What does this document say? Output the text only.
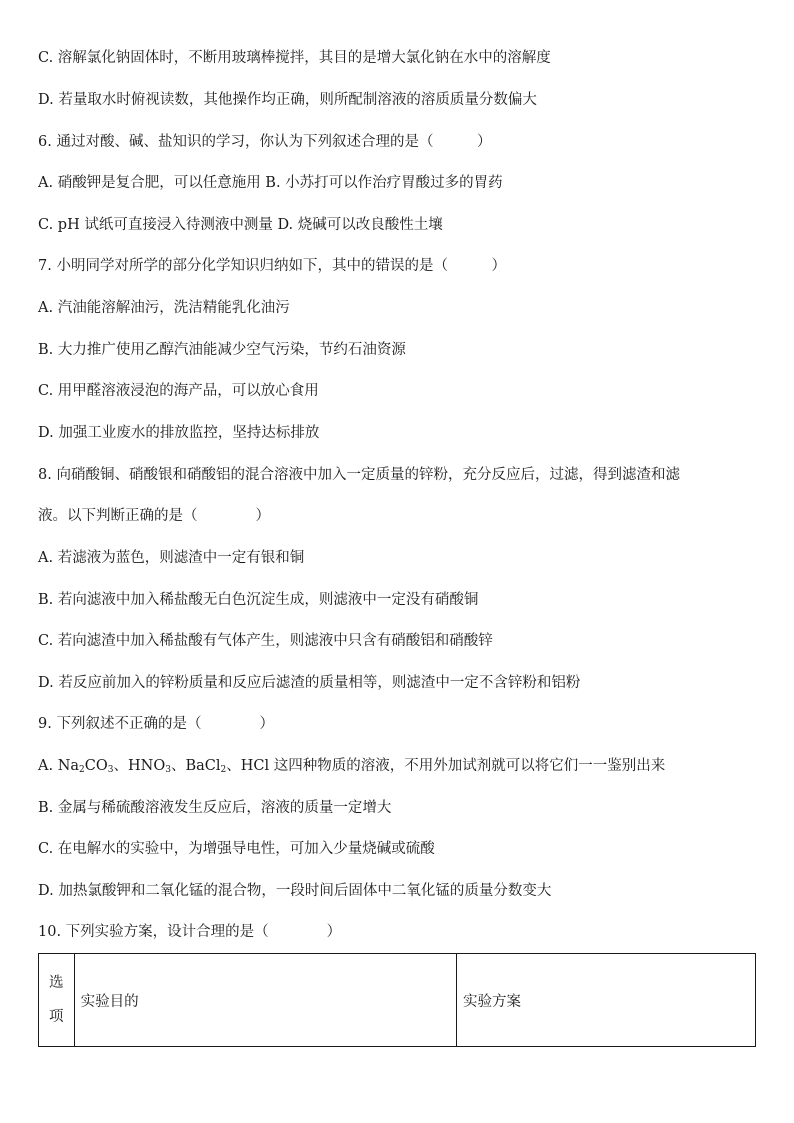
C. 溶解氯化钠固体时，不断用玻璃棒搅拌，其目的是增大氯化钠在水中的溶解度
D. 若量取水时俯视读数，其他操作均正确，则所配制溶液的溶质质量分数偏大
6. 通过对酸、碱、盐知识的学习，你认为下列叙述合理的是（　　　）
A. 硝酸钾是复合肥，可以任意施用 B. 小苏打可以作治疗胃酸过多的胃药
C. pH 试纸可直接浸入待测液中测量 D. 烧碱可以改良酸性土壤
7. 小明同学对所学的部分化学知识归纳如下，其中的错误的是（　　　）
A. 汽油能溶解油污，洗洁精能乳化油污
B. 大力推广使用乙醇汽油能减少空气污染，节约石油资源
C. 用甲醛溶液浸泡的海产品，可以放心食用
D. 加强工业废水的排放监控，坚持达标排放
8. 向硝酸铜、硝酸银和硝酸铝的混合溶液中加入一定质量的锌粉，充分反应后，过滤，得到滤渣和滤
液。以下判断正确的是（　　　　）
A. 若滤液为蓝色，则滤渣中一定有银和铜
B. 若向滤液中加入稀盐酸无白色沉淀生成，则滤液中一定没有硝酸铜
C. 若向滤渣中加入稀盐酸有气体产生，则滤液中只含有硝酸铝和硝酸锌
D. 若反应前加入的锌粉质量和反应后滤渣的质量相等，则滤渣中一定不含锌粉和铝粉
9. 下列叙述不正确的是（　　　　）
A. $Na_2CO_3$、$HNO_3$、BaCl$_2$、HCl 这四种物质的溶液，不用外加试剂就可以将它们一一鉴别出来
B. 金属与稀硫酸溶液发生反应后，溶液的质量一定增大
C. 在电解水的实验中，为增强导电性，可加入少量烧碱或硫酸
D. 加热氯酸钾和二氧化锰的混合物，一段时间后固体中二氧化锰的质量分数变大
10. 下列实验方案，设计合理的是（　　　　）
选
项	实验目的	实验方案
